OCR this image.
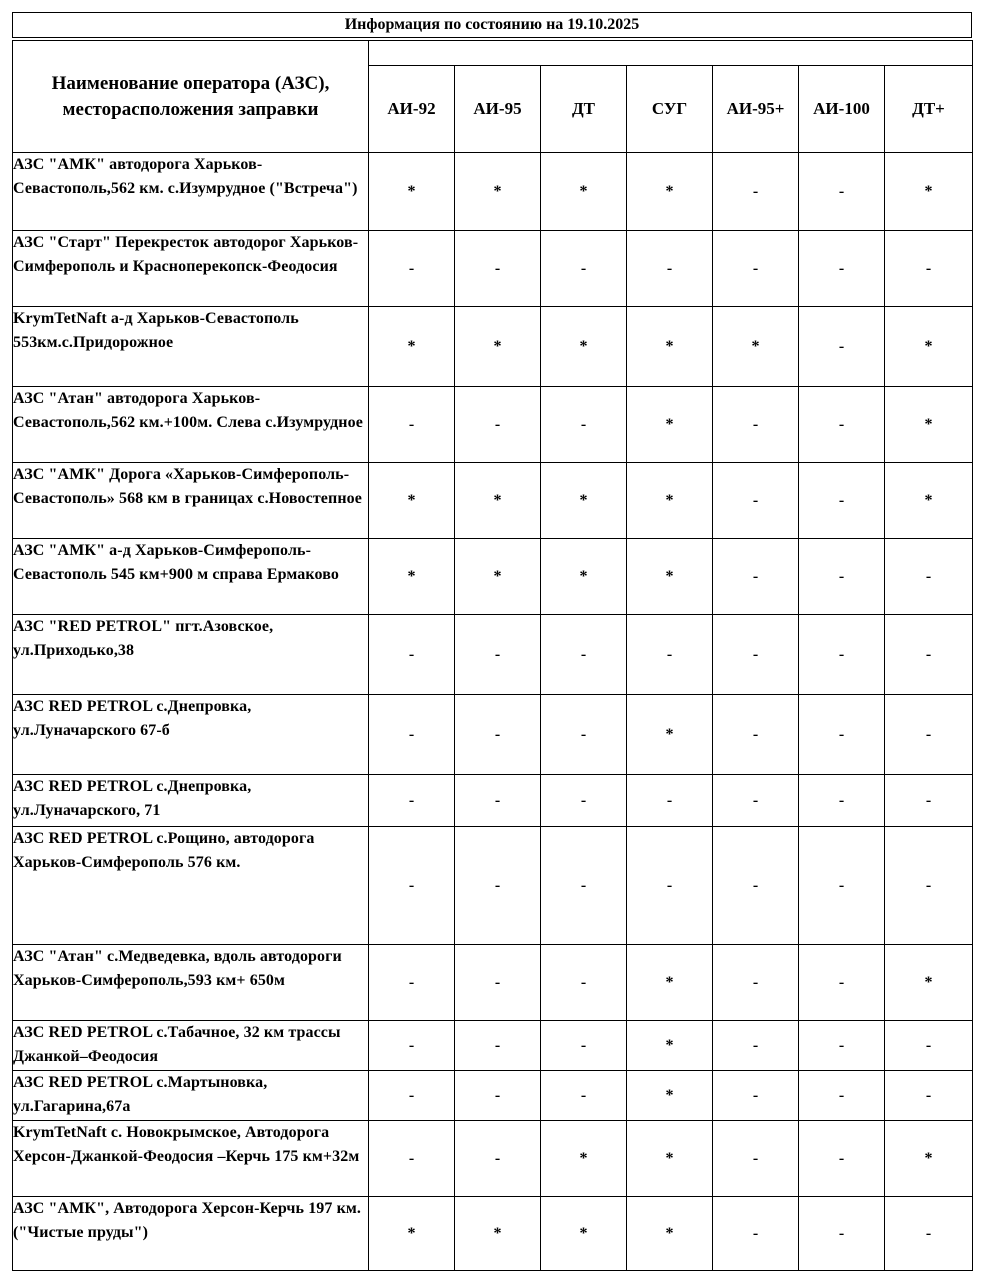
Информация по состоянию на 19.10.2025
Наименование оператора (АЗС), месторасположения заправки							
	АИ-92	АИ-95	ДТ	СУГ	АИ-95+	АИ-100	ДТ+
АЗС "АМК" автодорога Харьков-Севастополь,562 км. с.Изумрудное ("Встреча")	*	*	*	*	-	-	*
АЗС "Старт" Перекресток автодорог Харьков-Симферополь и Красноперекопск-Феодосия	-	-	-	-	-	-	-
KrymTetNaft а-д Харьков-Севастополь 553км.с.Придорожное	*	*	*	*	*	-	*
АЗС "Атан" автодорога Харьков-Севастополь,562 км.+100м. Слева с.Изумрудное	-	-	-	*	-	-	*
АЗС "АМК" Дорога «Харьков-Симферополь-Севастополь» 568 км в границах с.Новостепное	*	*	*	*	-	-	*
АЗС "АМК" а-д Харьков-Симферополь-Севастополь 545 км+900 м справа Ермаково	*	*	*	*	-	-	-
АЗС "RED PETROL" пгт.Азовское, ул.Приходько,38	-	-	-	-	-	-	-
АЗС RED PETROL с.Днепровка, ул.Луначарского 67-б	-	-	-	*	-	-	-
АЗС RED PETROL с.Днепровка, ул.Луначарского, 71	-	-	-	-	-	-	-
АЗС RED PETROL с.Рощино, автодорога Харьков-Симферополь 576 км.	-	-	-	-	-	-	-
АЗС "Атан" с.Медведевка, вдоль автодороги Харьков-Симферополь,593 км+ 650м	-	-	-	*	-	-	*
АЗС RED PETROL с.Табачное, 32 км трассы Джанкой–Феодосия	-	-	-	*	-	-	-
АЗС RED PETROL с.Мартыновка, ул.Гагарина,67а	-	-	-	*	-	-	-
KrymTetNaft с. Новокрымское, Автодорога Херсон-Джанкой-Феодосия –Керчь 175 км+32м	-	-	*	*	-	-	*
АЗС "АМК", Автодорога Херсон-Керчь 197 км.("Чистые пруды")	*	*	*	*	-	-	-
